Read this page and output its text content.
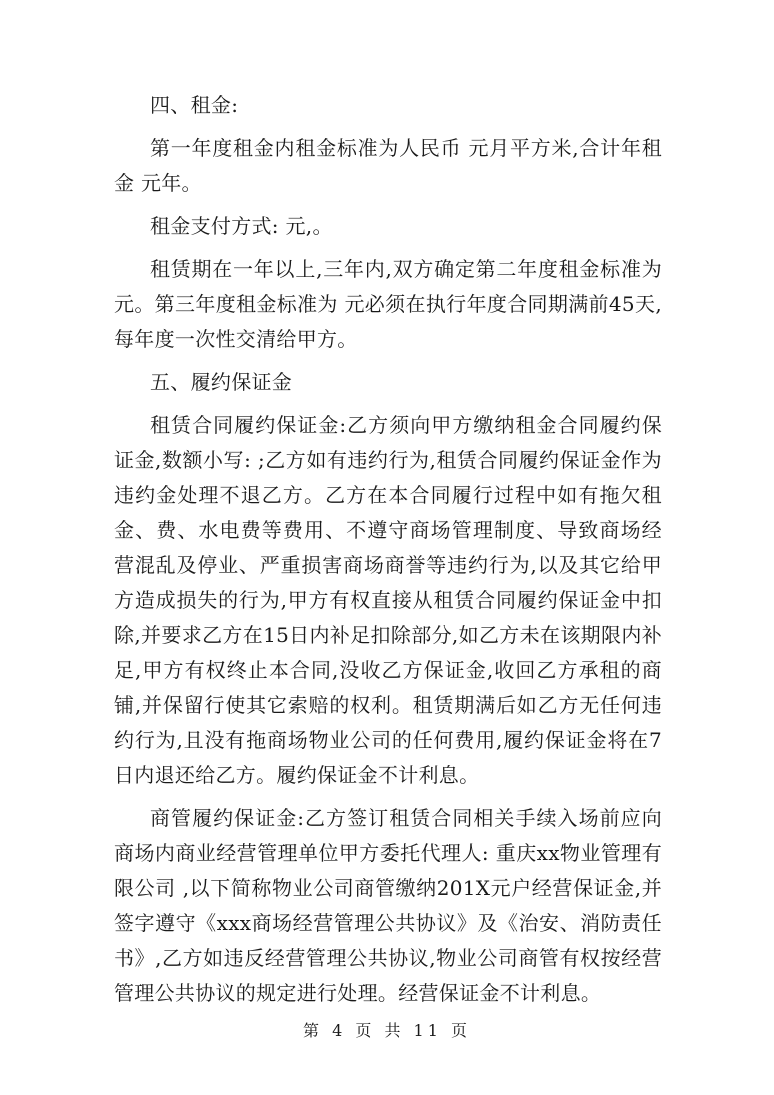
四、租金:

第一年度租金内租金标准为人民币 元月平方米,合计年租金 元年。

租金支付方式: 元,。

租赁期在一年以上,三年内,双方确定第二年度租金标准为 元。第三年度租金标准为 元必须在执行年度合同期满前45天,每年度一次性交清给甲方。

五、履约保证金

租赁合同履约保证金:乙方须向甲方缴纳租金合同履约保证金,数额小写: ;乙方如有违约行为,租赁合同履约保证金作为违约金处理不退乙方。乙方在本合同履行过程中如有拖欠租金、费、水电费等费用、不遵守商场管理制度、导致商场经营混乱及停业、严重损害商场商誉等违约行为,以及其它给甲方造成损失的行为,甲方有权直接从租赁合同履约保证金中扣除,并要求乙方在15日内补足扣除部分,如乙方未在该期限内补足,甲方有权终止本合同,没收乙方保证金,收回乙方承租的商铺,并保留行使其它索赔的权利。租赁期满后如乙方无任何违约行为,且没有拖商场物业公司的任何费用,履约保证金将在7日内退还给乙方。履约保证金不计利息。

商管履约保证金:乙方签订租赁合同相关手续入场前应向商场内商业经营管理单位甲方委托代理人: 重庆xx物业管理有限公司 ,以下简称物业公司商管缴纳201X元户经营保证金,并签字遵守《xxx商场经营管理公共协议》及《治安、消防责任书》,乙方如违反经营管理公共协议,物业公司商管有权按经营管理公共协议的规定进行处理。经营保证金不计利息。

第 4 页 共 11 页
